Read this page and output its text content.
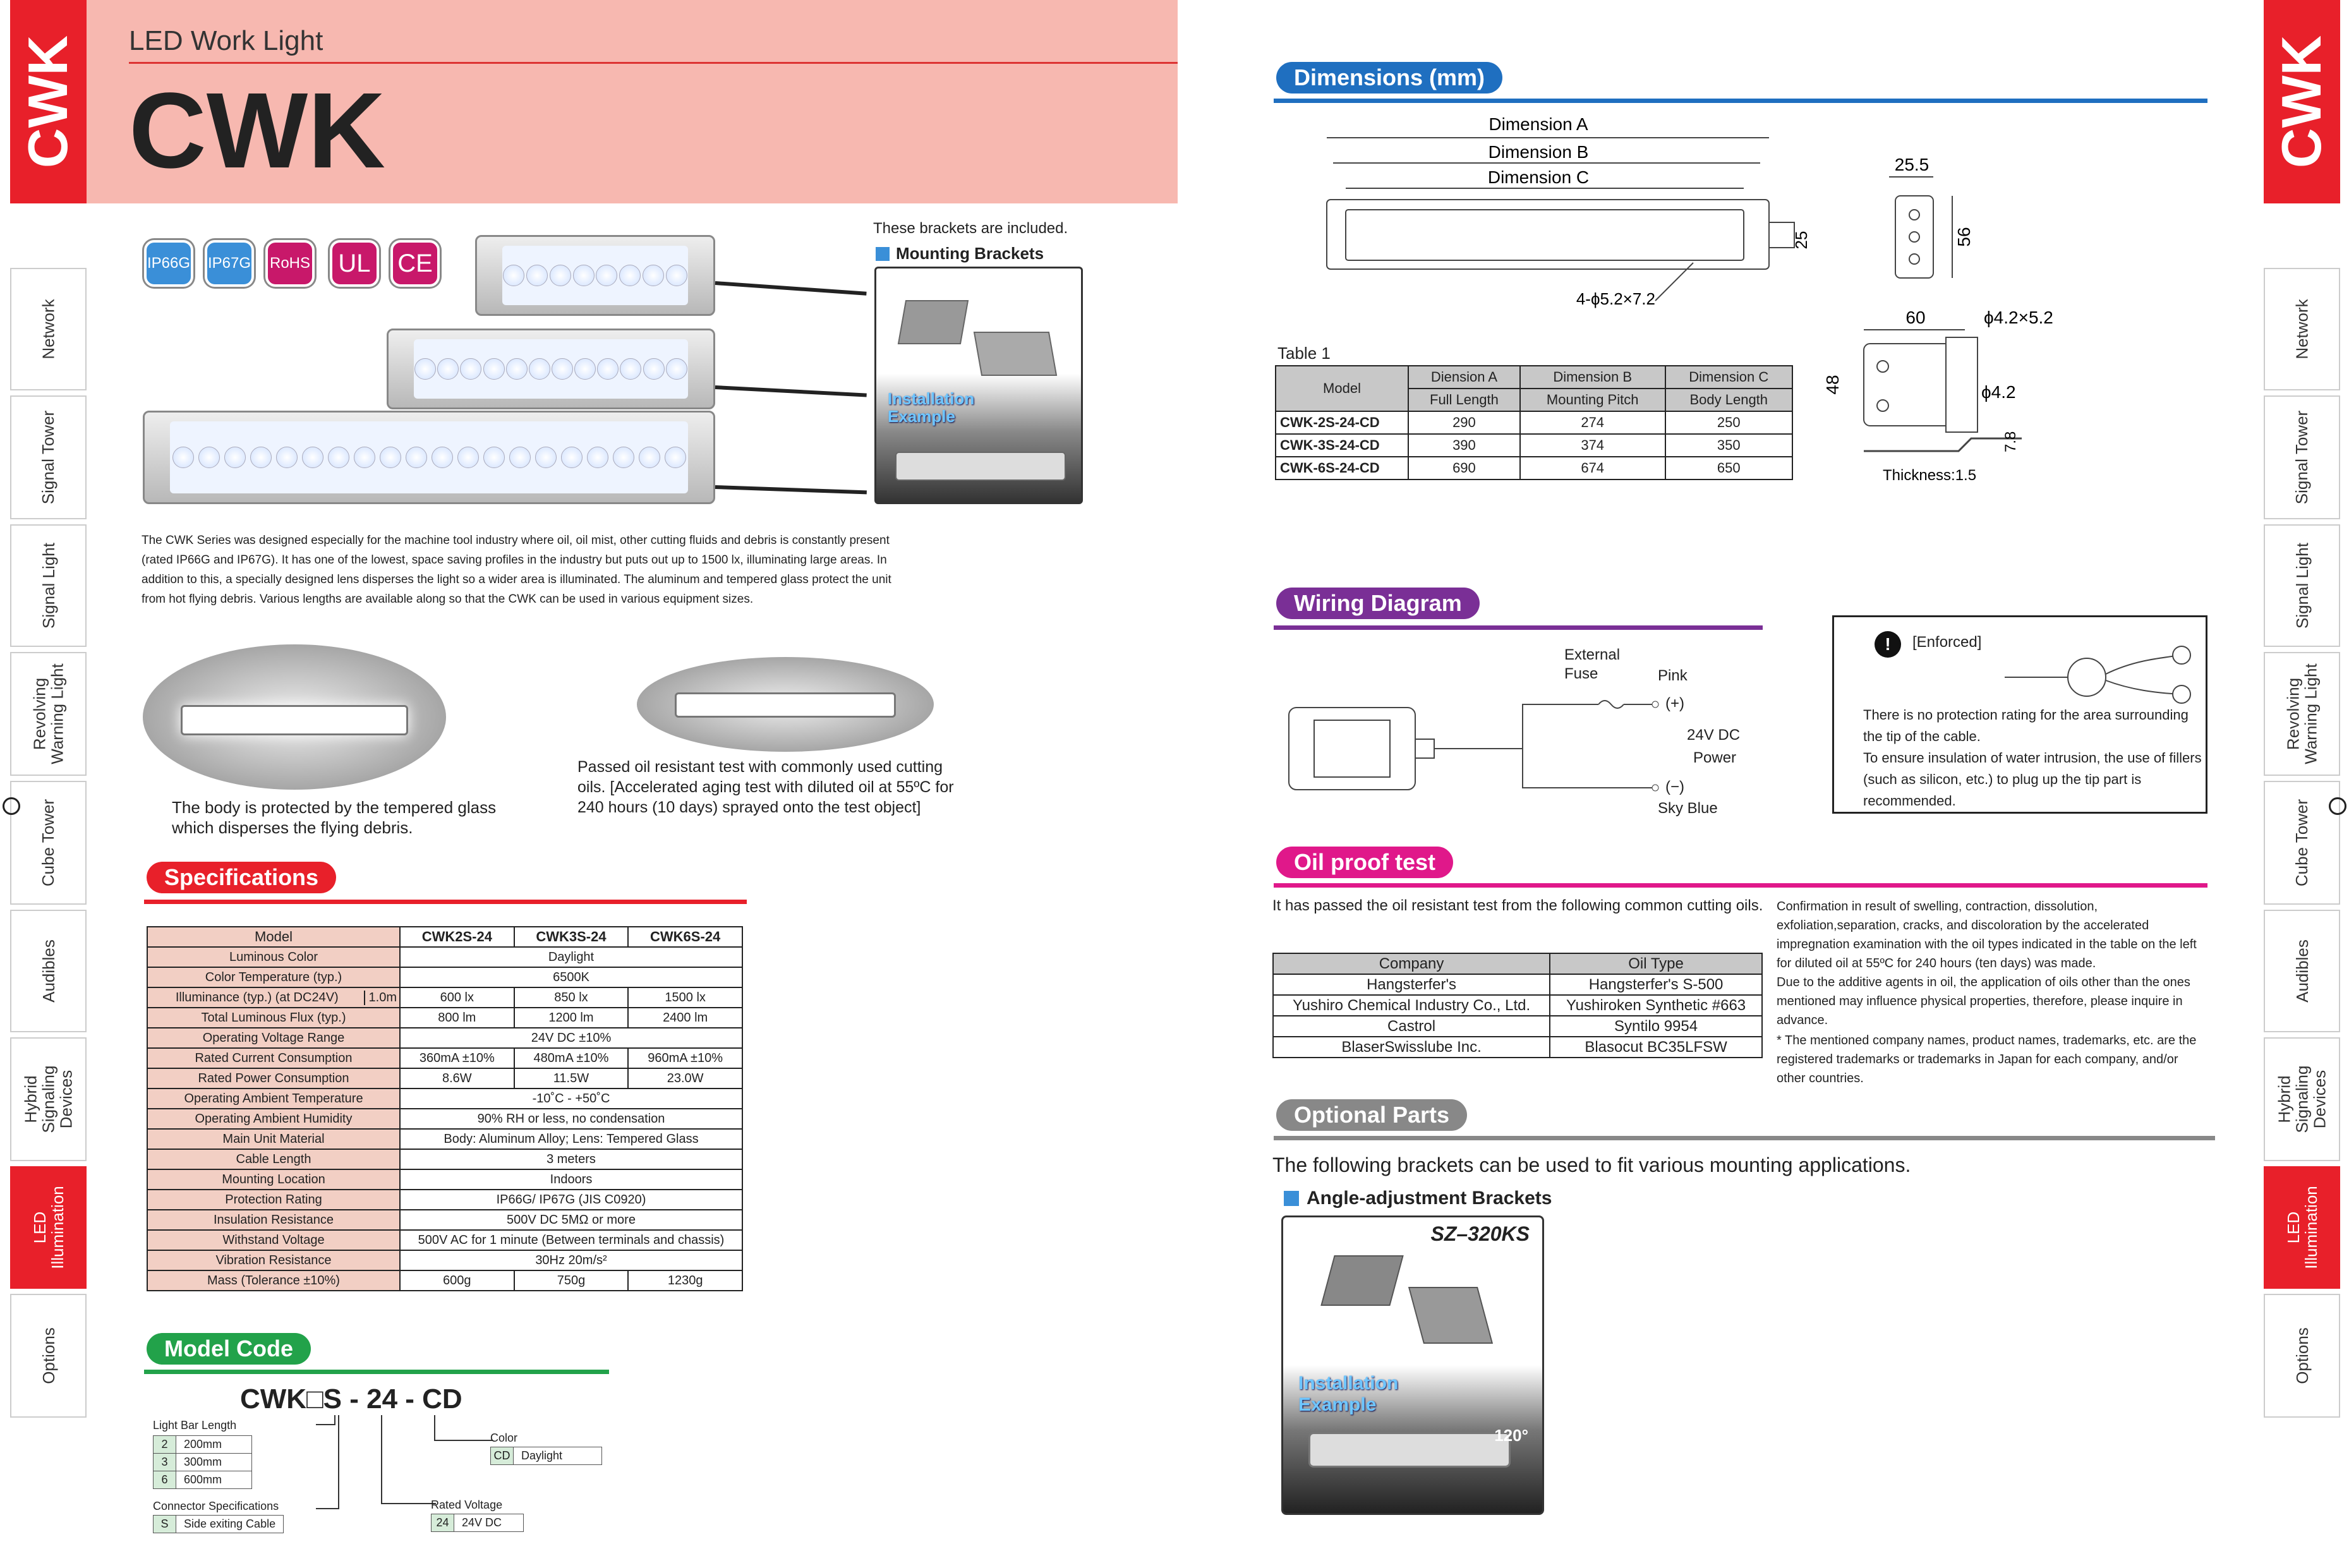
CWK LED Work Light
CWK	CWK
Network
Signal Tower
Signal Light
Revolving
Warning Light
Cube Tower
Audibles
Hybrid
Signaling
Devices
LED
Illumination
Options
Network
Signal Tower
Signal Light
Revolving
Warning Light
Cube Tower
Audibles
Hybrid
Signaling
Devices
LED
Illumination
Options
IP66G IP67G RoHS	UL	CE
These brackets are included.
Mounting Brackets
Installation
Example
The CWK Series was designed especially for the machine tool industry where oil, oil mist, other cutting fluids and debris is constantly present (rated IP66G and IP67G). It has one of the lowest, space saving profiles in the industry but puts out up to 1500 lx, illuminating large areas. In addition to this, a specially designed lens disperses the light so a wider area is illuminated. The aluminum and tempered glass protect the unit from hot flying debris. Various lengths are available along so that the CWK can be used in various equipment sizes.
The body is protected by the tempered glass which disperses the flying debris.
Passed oil resistant test with commonly used cutting oils. [Accelerated aging test with diluted oil at 55ºC for 240 hours (10 days) sprayed onto the test object]
Specifications
Model	CWK2S-24	CWK3S-24	CWK6S-24
Luminous Color	Daylight		
Color Temperature (typ.)	6500K		
Illuminance (typ.) (at DC24V) 1.0m	600 lx	850 lx	1500 lx
Total Luminous Flux (typ.)	800 lm	1200 lm	2400 lm
Operating Voltage Range	24V DC ±10%		
Rated Current Consumption	360mA ±10%	480mA ±10%	960mA ±10%
Rated Power Consumption	8.6W	11.5W	23.0W
Operating Ambient Temperature	-10˚C - +50˚C		
Operating Ambient Humidity	90% RH or less, no condensation		
Main Unit Material	Body: Aluminum Alloy; Lens: Tempered Glass		
Cable Length	3 meters		
Mounting Location	Indoors		
Protection Rating	IP66G/ IP67G (JIS C0920)		
Insulation Resistance	500V DC 5MΩ or more		
Withstand Voltage	500V AC for 1 minute (Between terminals and chassis)		
Vibration Resistance	30Hz 20m/s²		
Mass (Tolerance ±10%)	600g	750g	1230g
Model Code
CWK□S - 24 - CD
Light Bar Length
2	200mm
3	300mm
6	600mm
Connector Specifications
S	Side exiting Cable
Color
CD	Daylight
Rated Voltage
24	24V DC
Dimensions (mm)
Dimension A
Dimension B
Dimension C
25
4-ϕ5.2×7.2
25.5
56
60	ϕ4.2×5.2
48	ϕ4.2
7.8
Thickness:1.5
Table 1
Model	Diension A	Dimension B	Dimension C
	Full Length	Mounting Pitch	Body Length
CWK-2S-24-CD	290	274	250
CWK-3S-24-CD	390	374	350
CWK-6S-24-CD	690	674	650
Wiring Diagram
External
Fuse	Pink
(+)
24V DC
Power
(−)
Sky Blue
!	[Enforced]
There is no protection rating for the area surrounding the tip of the cable.
To ensure insulation of water intrusion, the use of fillers (such as silicon, etc.) to plug up the tip part is recommended.
Oil proof test
It has passed the oil resistant test from the following common cutting oils.
Company	Oil Type
Hangsterfer's	Hangsterfer's S-500
Yushiro Chemical Industry Co., Ltd.	Yushiroken Synthetic #663
Castrol	Syntilo 9954
BlaserSwisslube Inc.	Blasocut BC35LFSW
Confirmation in result of swelling, contraction, dissolution, exfoliation,separation, cracks, and discoloration by the accelerated impregnation examination with the oil types indicated in the table on the left for diluted oil at 55ºC for 240 hours (ten days) was made.
Due to the additive agents in oil, the application of oils other than the ones mentioned may influence physical properties, therefore, please inquire in advance.
* The mentioned company names, product names, trademarks, etc. are the registered trademarks or trademarks in Japan for each company, and/or other countries.
Optional Parts
The following brackets can be used to fit various mounting applications.
Angle-adjustment Brackets
SZ–320KS
Installation
Example
120°
